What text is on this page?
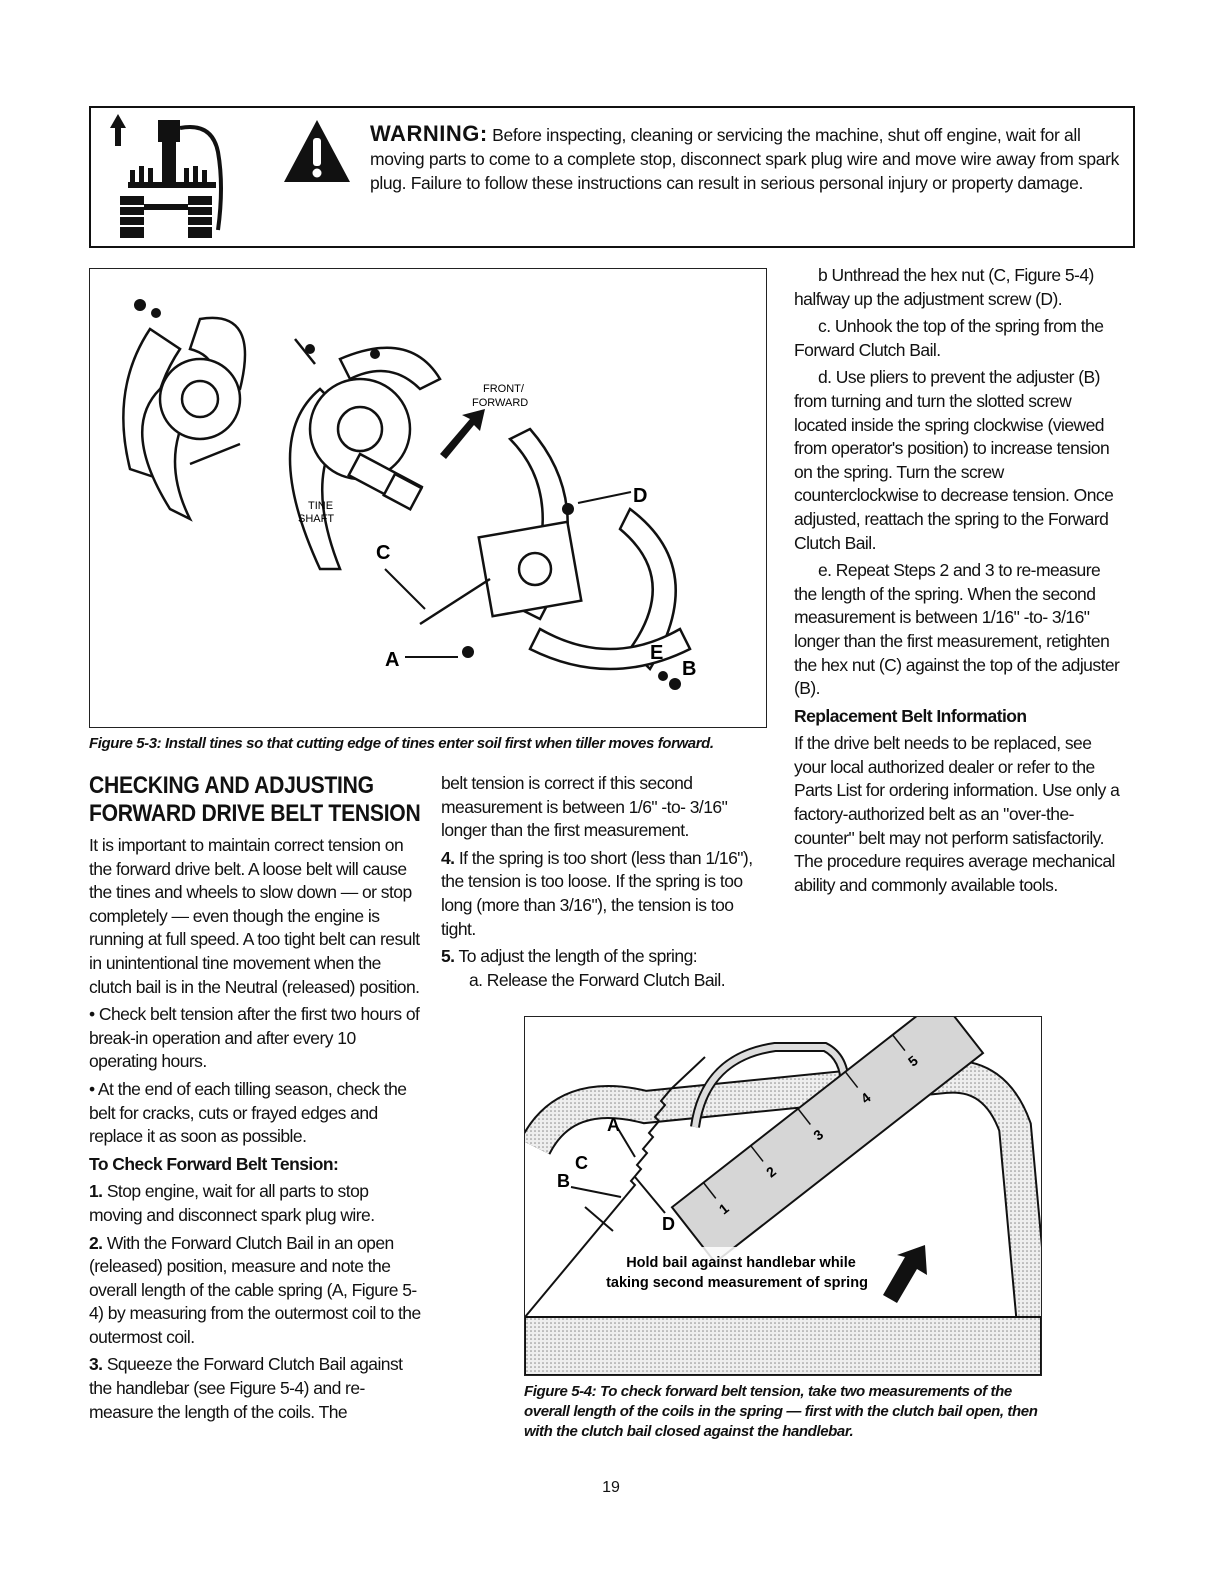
WARNING: Before inspecting, cleaning or servicing the machine, shut off engine, wait for all moving parts to come to a complete stop, disconnect spark plug wire and move wire away from spark plug. Failure to follow these instructions can result in serious personal injury or property damage.
FRONT/
FORWARD
TINE
SHAFT
C
D
A	E
B
Figure 5-3: Install tines so that cutting edge of tines enter soil first when tiller moves forward.
CHECKING AND ADJUSTING
FORWARD DRIVE BELT TENSION

It is important to maintain correct tension on the forward drive belt. A loose belt will cause the tines and wheels to slow down — or stop completely — even though the engine is running at full speed. A too tight belt can result in unintentional tine movement when the clutch bail is in the Neutral (released) position.

• Check belt tension after the first two hours of break-in operation and after every 10 operating hours.

• At the end of each tilling season, check the belt for cracks, cuts or frayed edges and replace it as soon as possible.

To Check Forward Belt Tension:

1. Stop engine, wait for all parts to stop moving and disconnect spark plug wire.

2. With the Forward Clutch Bail in an open (released) position, measure and note the overall length of the cable spring (A, Figure 5-4) by measuring from the outermost coil to the outermost coil.

3. Squeeze the Forward Clutch Bail against the handlebar (see Figure 5-4) and re-measure the length of the coils. The

belt tension is correct if this second measurement is between 1/6" -to- 3/16" longer than the first measurement.

4. If the spring is too short (less than 1/16"), the tension is too loose. If the spring is too long (more than 3/16"), the tension is too tight.

5. To adjust the length of the spring:

a. Release the Forward Clutch Bail.

b Unthread the hex nut (C, Figure 5-4) halfway up the adjustment screw (D).

c. Unhook the top of the spring from the Forward Clutch Bail.

d. Use pliers to prevent the adjuster (B) from turning and turn the slotted screw located inside the spring clockwise (viewed from operator's position) to increase tension on the spring. Turn the screw counterclockwise to decrease tension. Once adjusted, reattach the spring to the Forward Clutch Bail.

e. Repeat Steps 2 and 3 to re-measure the length of the spring. When the second measurement is between 1/16" -to- 3/16" longer than the first measurement, retighten the hex nut (C) against the top of the adjuster (B).

Replacement Belt Information

If the drive belt needs to be replaced, see your local authorized dealer or refer to the Parts List for ordering information. Use only a factory-authorized belt as an "over-the-counter" belt may not perform satisfactorily. The procedure requires average mechanical ability and commonly available tools.

1
2
3
4
5
A
C
B
D
Hold bail against handlebar while
taking second measurement of spring
Figure 5-4: To check forward belt tension, take two measurements of the overall length of the coils in the spring — first with the clutch bail open, then with the clutch bail closed against the handlebar.
19
